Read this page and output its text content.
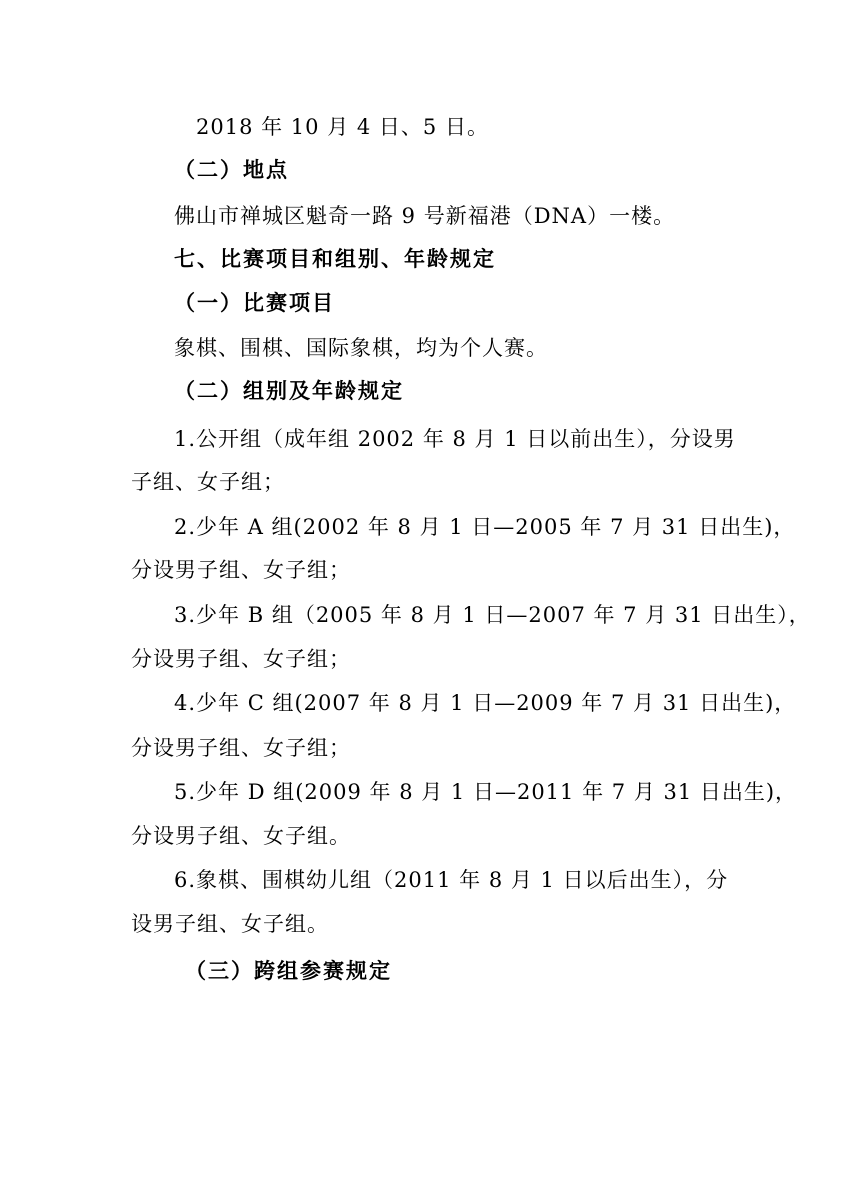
2018 年 10 月 4 日、5 日。
（二）地点
佛山市禅城区魁奇一路 9 号新福港（DNA）一楼。
七、比赛项目和组别、年龄规定
（一）比赛项目
象棋、围棋、国际象棋，均为个人赛。
（二）组别及年龄规定
1.公开组（成年组 2002 年 8 月 1 日以前出生），分设男
子组、女子组；
2.少年 A 组(2002 年 8 月 1 日—2005 年 7 月 31 日出生)，
分设男子组、女子组；
3.少年 B 组（2005 年 8 月 1 日—2007 年 7 月 31 日出生），
分设男子组、女子组；
4.少年 C 组(2007 年 8 月 1 日—2009 年 7 月 31 日出生)，
分设男子组、女子组；
5.少年 D 组(2009 年 8 月 1 日—2011 年 7 月 31 日出生)，
分设男子组、女子组。
6.象棋、围棋幼儿组（2011 年 8 月 1 日以后出生），分
设男子组、女子组。
（三）跨组参赛规定
